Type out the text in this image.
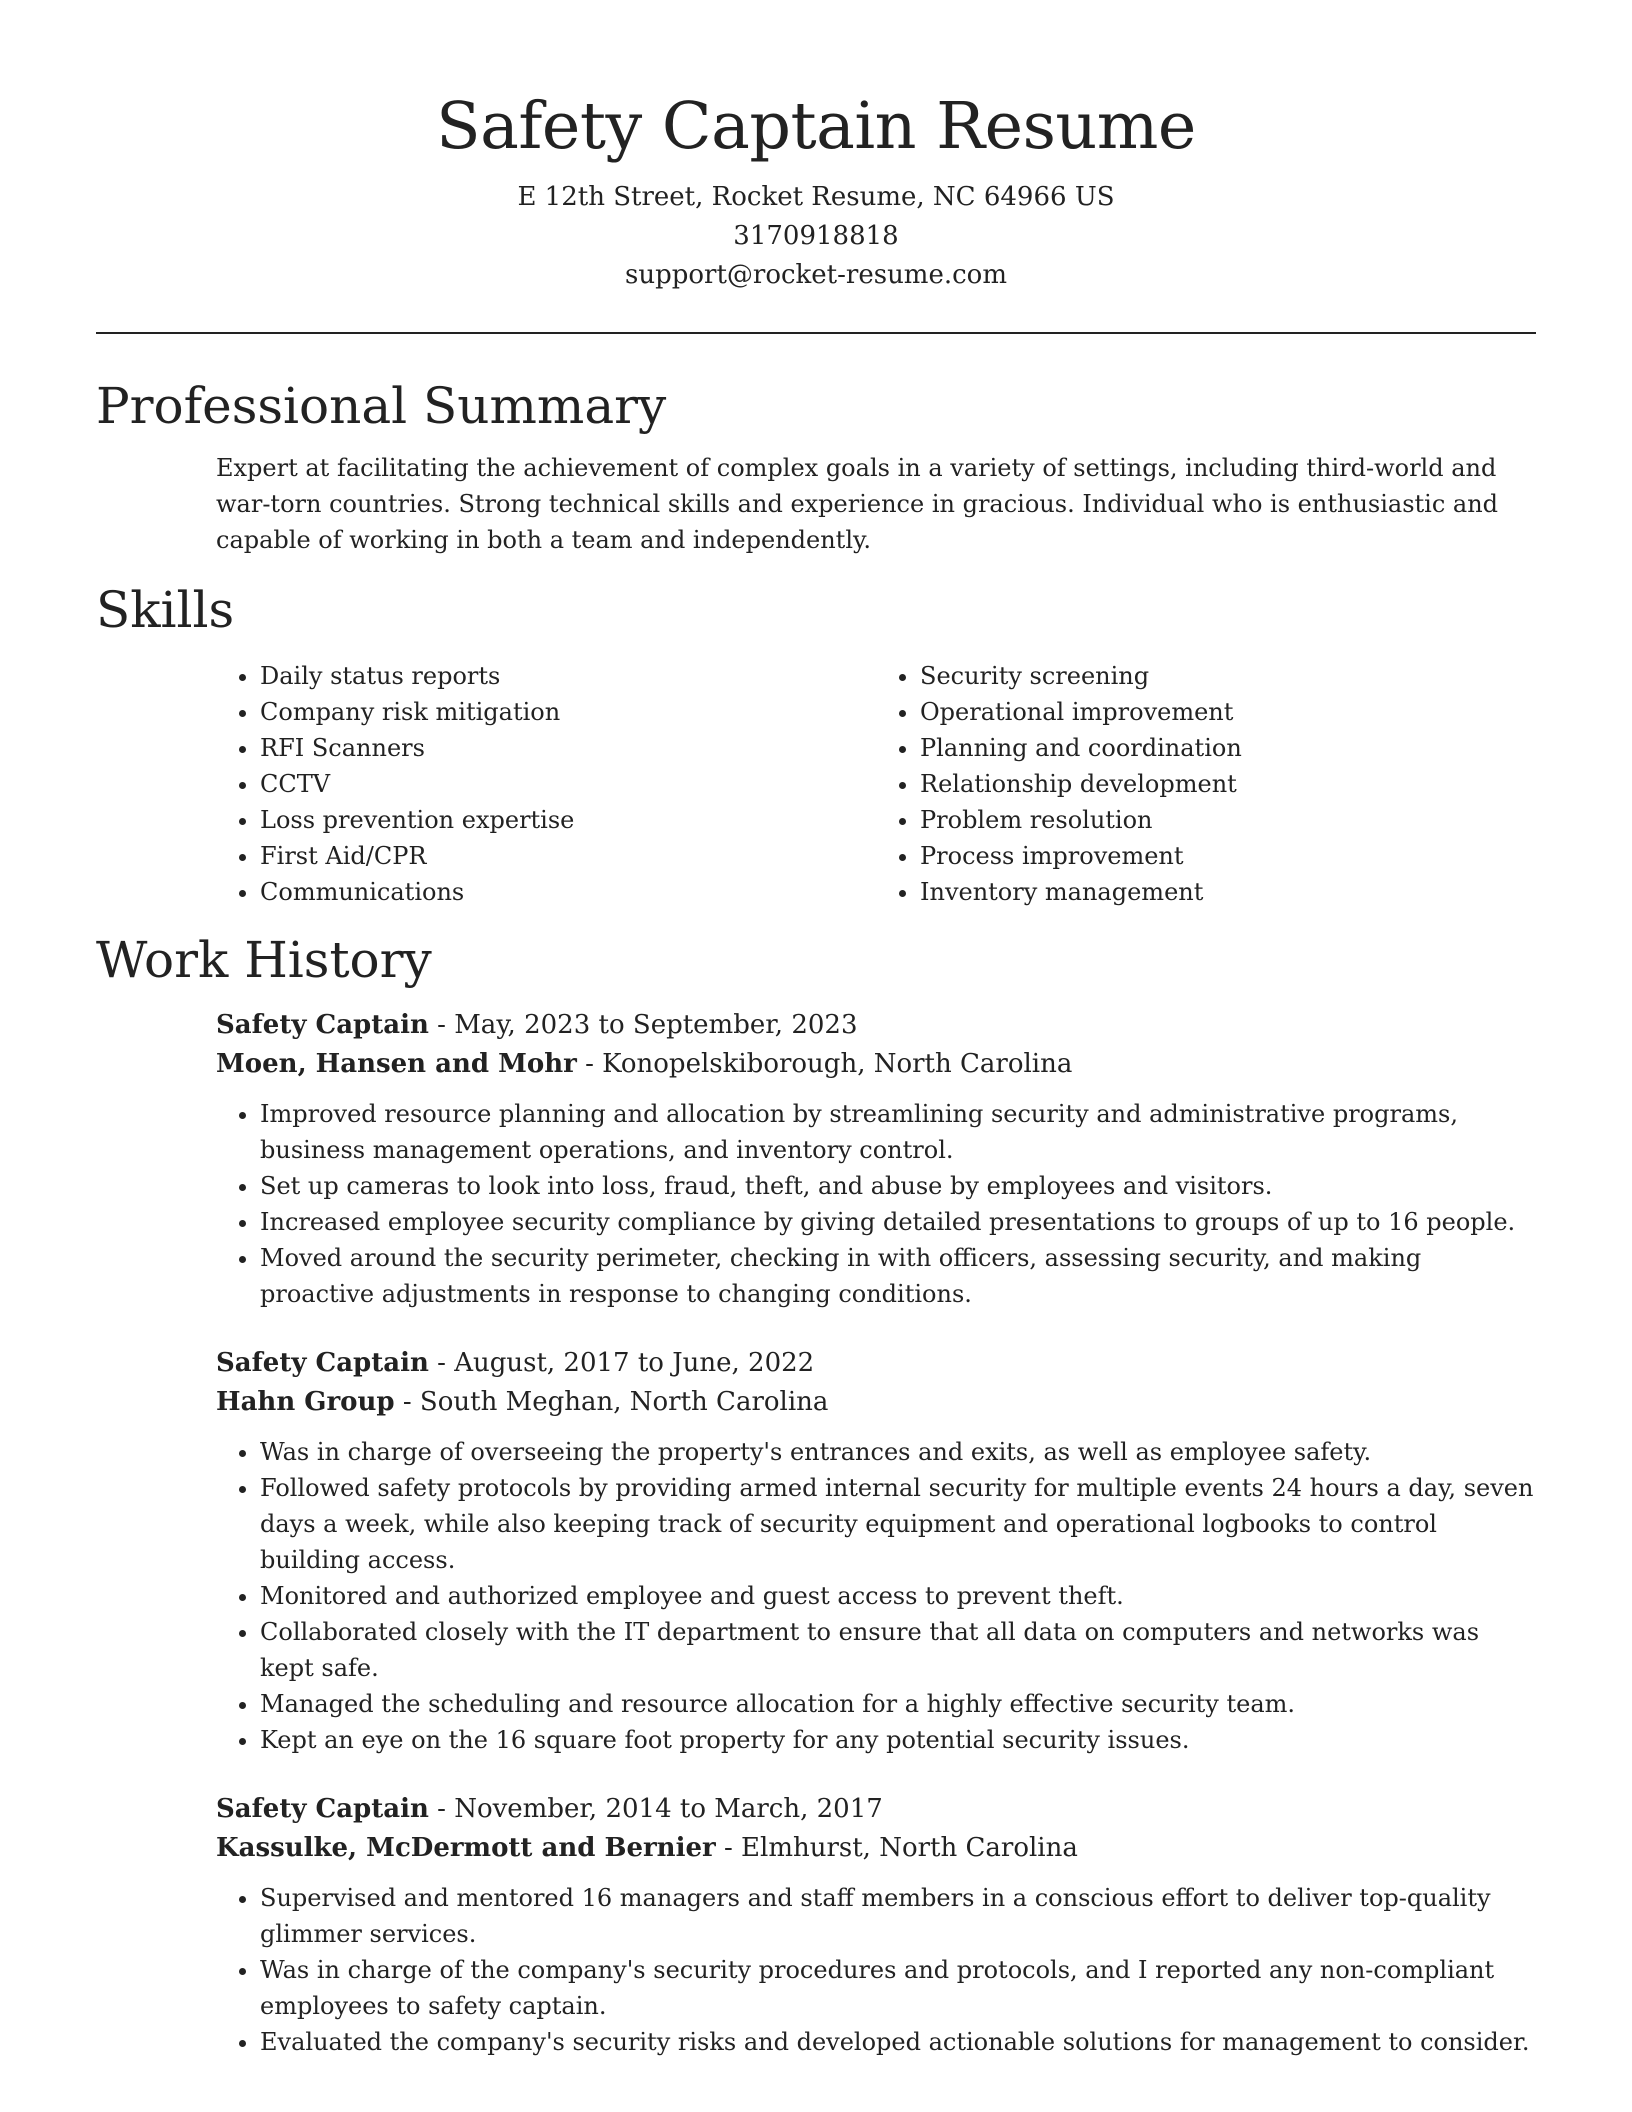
Safety Captain Resume
E 12th Street, Rocket Resume, NC 64966 US
3170918818
support@rocket-resume.com
Professional Summary
Expert at facilitating the achievement of complex goals in a variety of settings, including third-world and war-torn countries. Strong technical skills and experience in gracious. Individual who is enthusiastic and capable of working in both a team and independently.
Skills
• Daily status reports
• Company risk mitigation
• RFI Scanners
• CCTV
• Loss prevention expertise
• First Aid/CPR
• Communications
• Security screening
• Operational improvement
• Planning and coordination
• Relationship development
• Problem resolution
• Process improvement
• Inventory management
Work History
Safety Captain - May, 2023 to September, 2023
Moen, Hansen and Mohr - Konopelskiborough, North Carolina
• Improved resource planning and allocation by streamlining security and administrative programs, business management operations, and inventory control.
• Set up cameras to look into loss, fraud, theft, and abuse by employees and visitors.
• Increased employee security compliance by giving detailed presentations to groups of up to 16 people.
• Moved around the security perimeter, checking in with officers, assessing security, and making proactive adjustments in response to changing conditions.
Safety Captain - August, 2017 to June, 2022
Hahn Group - South Meghan, North Carolina
• Was in charge of overseeing the property's entrances and exits, as well as employee safety.
• Followed safety protocols by providing armed internal security for multiple events 24 hours a day, seven days a week, while also keeping track of security equipment and operational logbooks to control building access.
• Monitored and authorized employee and guest access to prevent theft.
• Collaborated closely with the IT department to ensure that all data on computers and networks was kept safe.
• Managed the scheduling and resource allocation for a highly effective security team.
• Kept an eye on the 16 square foot property for any potential security issues.
Safety Captain - November, 2014 to March, 2017
Kassulke, McDermott and Bernier - Elmhurst, North Carolina
• Supervised and mentored 16 managers and staff members in a conscious effort to deliver top-quality glimmer services.
• Was in charge of the company's security procedures and protocols, and I reported any non-compliant employees to safety captain.
• Evaluated the company's security risks and developed actionable solutions for management to consider.
